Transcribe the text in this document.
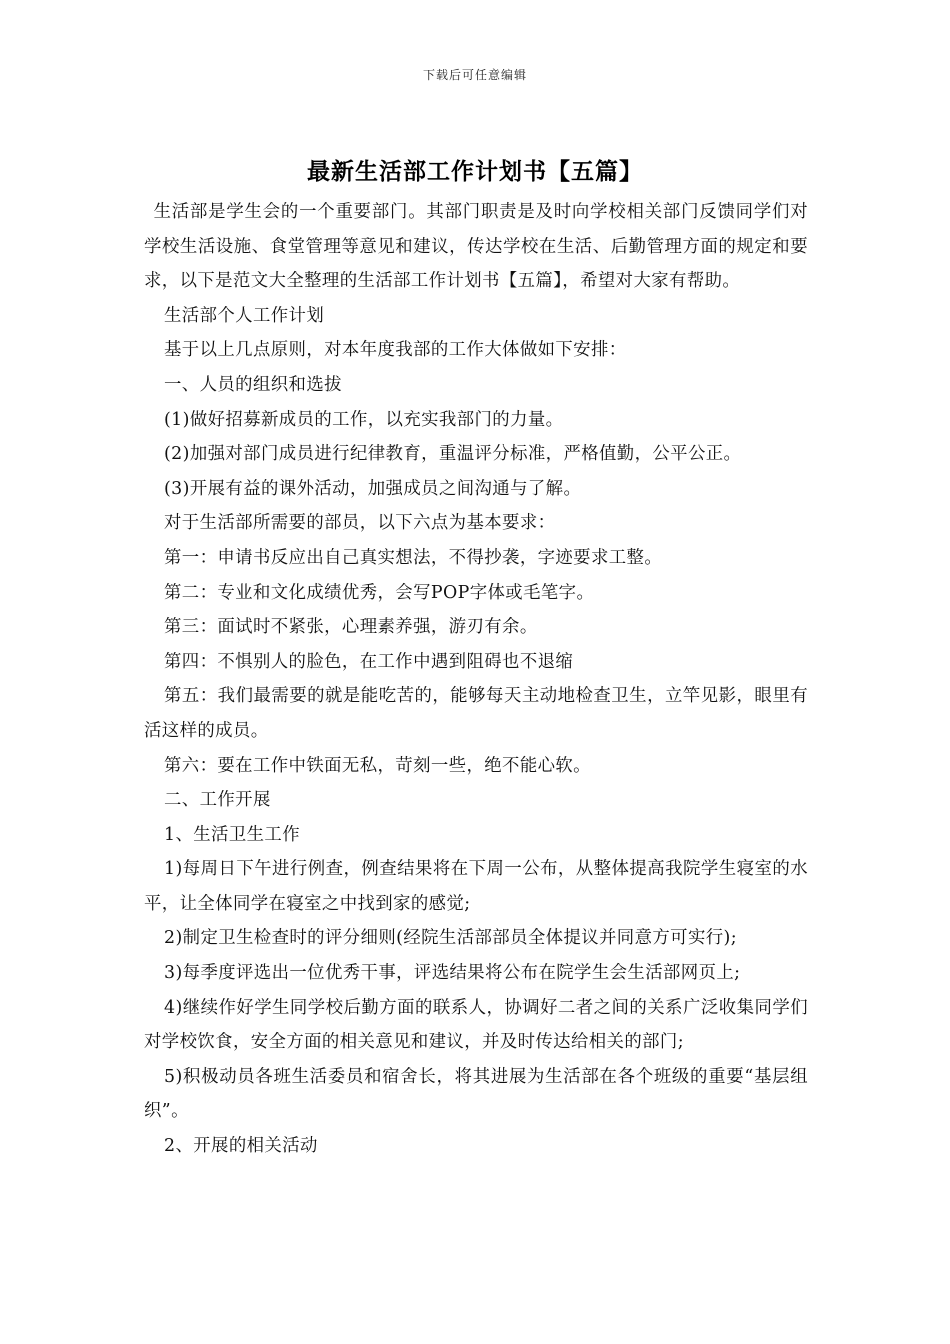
下载后可任意编辑
最新生活部工作计划书【五篇】

生活部是学生会的一个重要部门。其部门职责是及时向学校相关部门反馈同学们对学校生活设施、食堂管理等意见和建议，传达学校在生活、后勤管理方面的规定和要求，以下是范文大全整理的生活部工作计划书【五篇】，希望对大家有帮助。

生活部个人工作计划

基于以上几点原则，对本年度我部的工作大体做如下安排：

一、人员的组织和选拔

(1)做好招募新成员的工作，以充实我部门的力量。

(2)加强对部门成员进行纪律教育，重温评分标准，严格值勤，公平公正。

(3)开展有益的课外活动，加强成员之间沟通与了解。

对于生活部所需要的部员，以下六点为基本要求：

第一：申请书反应出自己真实想法，不得抄袭，字迹要求工整。

第二：专业和文化成绩优秀，会写POP字体或毛笔字。

第三：面试时不紧张，心理素养强，游刃有余。

第四：不惧别人的脸色，在工作中遇到阻碍也不退缩

第五：我们最需要的就是能吃苦的，能够每天主动地检查卫生，立竿见影，眼里有活这样的成员。

第六：要在工作中铁面无私，苛刻一些，绝不能心软。

二、工作开展

1、生活卫生工作

1)每周日下午进行例查，例查结果将在下周一公布，从整体提高我院学生寝室的水平，让全体同学在寝室之中找到家的感觉;

2)制定卫生检查时的评分细则(经院生活部部员全体提议并同意方可实行);

3)每季度评选出一位优秀干事，评选结果将公布在院学生会生活部网页上;

4)继续作好学生同学校后勤方面的联系人，协调好二者之间的关系广泛收集同学们对学校饮食，安全方面的相关意见和建议，并及时传达给相关的部门;

5)积极动员各班生活委员和宿舍长，将其进展为生活部在各个班级的重要“基层组织”。

2、开展的相关活动
